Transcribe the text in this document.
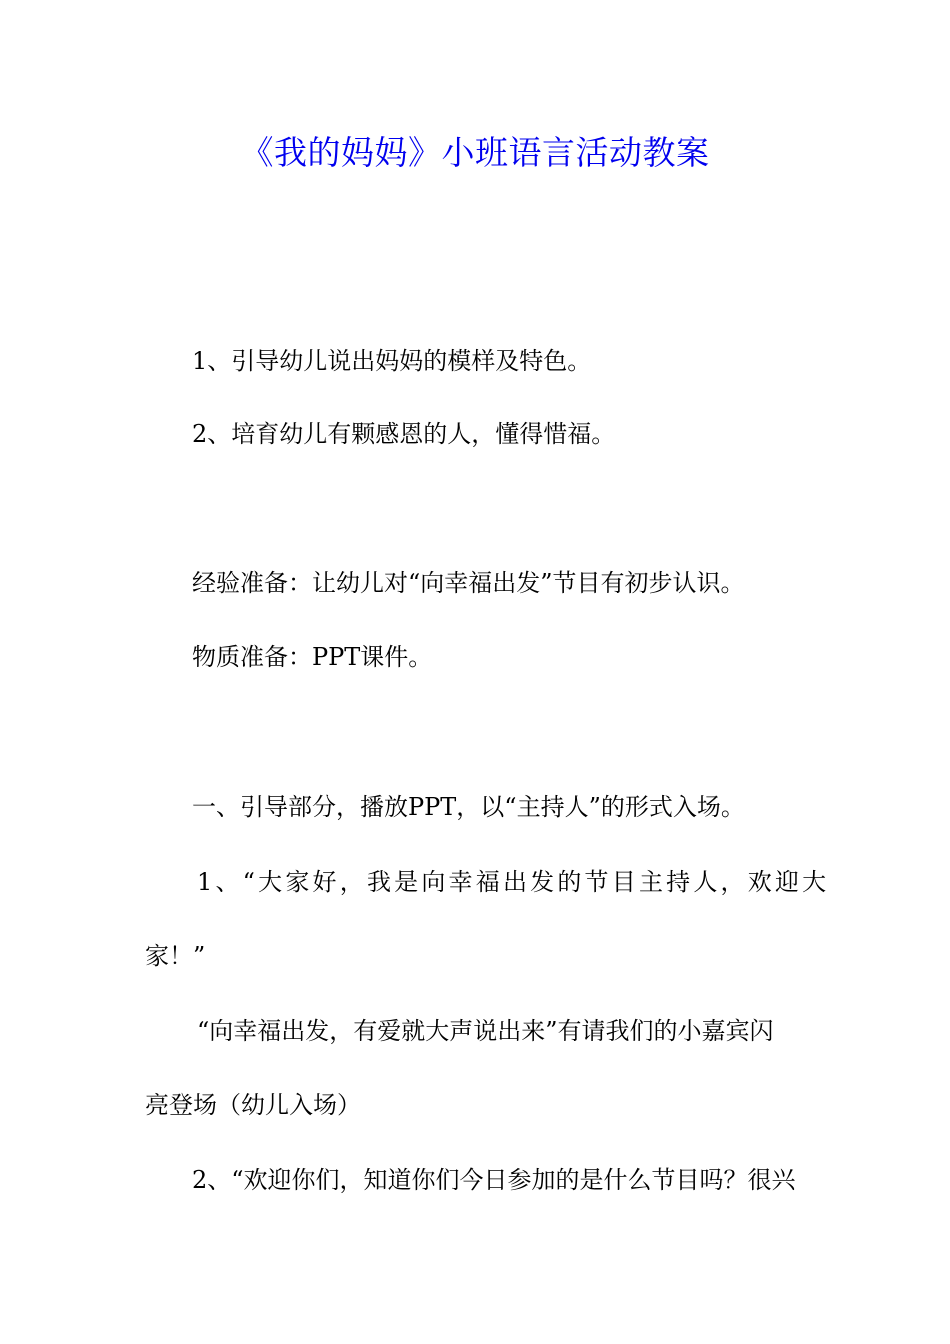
《我的妈妈》小班语言活动教案

1、引导幼儿说出妈妈的模样及特色。

2、培育幼儿有颗感恩的人，懂得惜福。

经验准备：让幼儿对“向幸福出发”节目有初步认识。

物质准备：PPT课件。

一、引导部分，播放PPT，以“主持人”的形式入场。

1、“大家好，我是向幸福出发的节目主持人，欢迎大

家！”

“向幸福出发，有爱就大声说出来”有请我们的小嘉宾闪

亮登场（幼儿入场）

2、“欢迎你们，知道你们今日参加的是什么节目吗？很兴
